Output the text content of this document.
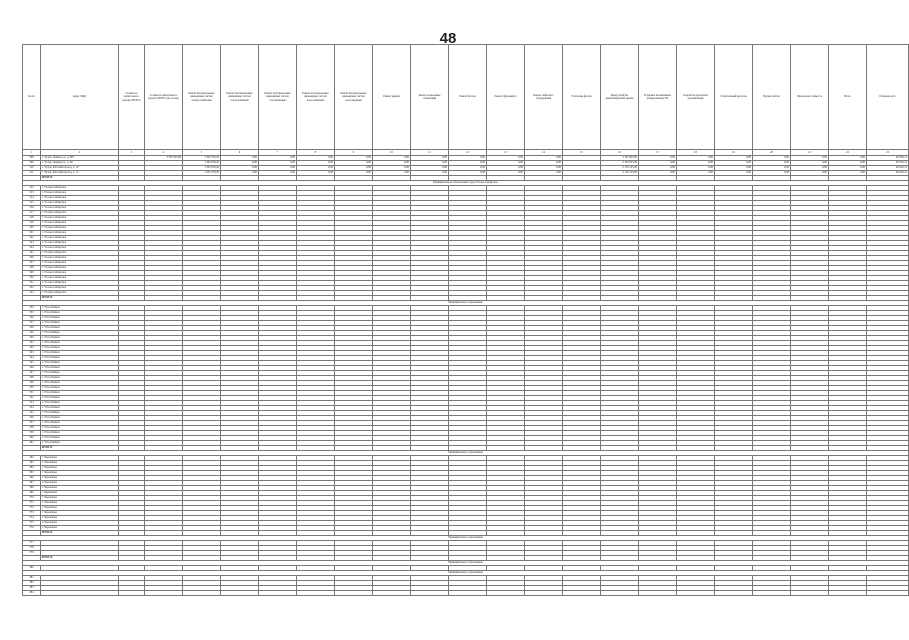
48
№ п/п	Адрес МКД	Стоимость капитального ремонта ВСЕГО	Стоимость капитального ремонта ВСЕГО (по лотам)	Ремонт внутридомовых инженерных систем электроснабжения	Ремонт внутридомовых инженерных систем теплоснабжения	Ремонт внутридомовых инженерных систем газоснабжения	Ремонт внутридомовых инженерных систем водоснабжения	Ремонт внутридомовых инженерных систем водоотведения	Ремонт крыши	Ремонт подвальных помещений	Ремонт фасада	Ремонт фундамента	Ремонт лифтового оборудования	Утепление фасада	Переустройство невентилируемой крыши	Установка коллективных (общедомовых) ПУ	Разработка проектной документации	Строительный контроль	Прочие работы	Предельная стоимость	Итого	Плановая дата
1	2	3	4	5	6	7	8	9	10	11	12	13	14	15	16	17	18	19	20	21	22	23
308	г. Тулун, Ленина ул., д. 807		3 765 325,06	1 302 375,20	0,00	0,00	0,00	0,00	0,00	0,00	0,00	0,00	0,00		2 163 825,00	0,00	0,00	0,00	0,00	0,00	0,00	40 650,12
309	г. Тулун, Ленина ул., д. 60			1 302 870,20	0,00	0,00	0,00	0,00	0,00	0,00	0,00	0,00	0,00		2 163 825,00	0,00	0,00	0,00	0,00	0,00	0,00	40 650,12
310	г. Тулун, Рабочий проезд, д. 12			1 302 870,20	0,00	0,00	0,00	0,00	0,00	0,00	0,00	0,00	0,00		2 176 125,00	0,00	0,00	0,00	0,00	0,00	0,00	40 650,12
311	г. Тулун, Рабочий проезд, д. 13			1 305 078,20	0,00	0,00	0,00	0,00	0,00	0,00	0,00	0,00	0,00		2 176 125,00	0,00	0,00	0,00	0,00	0,00	0,00	40 650,12
	ИТОГО:																					
Муниципальное образование город Усолье-Сибирское																						
312	г. Усолье-Сибирское																					
313	г. Усолье-Сибирское																					
314	г. Усолье-Сибирское																					
315	г. Усолье-Сибирское																					
316	г. Усолье-Сибирское																					
317	г. Усолье-Сибирское																					
318	г. Усолье-Сибирское																					
319	г. Усолье-Сибирское																					
320	г. Усолье-Сибирское																					
321	г. Усолье-Сибирское																					
322	г. Усолье-Сибирское																					
323	г. Усолье-Сибирское																					
324	г. Усолье-Сибирское																					
325	г. Усолье-Сибирское																					
326	г. Усолье-Сибирское																					
327	г. Усолье-Сибирское																					
328	г. Усолье-Сибирское																					
329	г. Усолье-Сибирское																					
330	г. Усолье-Сибирское																					
331	г. Усолье-Сибирское																					
332	г. Усолье-Сибирское																					
333	г. Усолье-Сибирское																					
	ИТОГО:																					
Муниципальное образование																						
334	г. Усть-Илимск																					
335	г. Усть-Илимск																					
336	г. Усть-Илимск																					
337	г. Усть-Илимск																					
338	г. Усть-Илимск																					
339	г. Усть-Илимск																					
340	г. Усть-Илимск																					
341	г. Усть-Илимск																					
342	г. Усть-Илимск																					
343	г. Усть-Илимск																					
344	г. Усть-Илимск																					
345	г. Усть-Илимск																					
346	г. Усть-Илимск																					
347	г. Усть-Илимск																					
348	г. Усть-Илимск																					
349	г. Усть-Илимск																					
350	г. Усть-Илимск																					
351	г. Усть-Илимск																					
352	г. Усть-Илимск																					
353	г. Усть-Илимск																					
354	г. Усть-Илимск																					
355	г. Усть-Илимск																					
356	г. Усть-Илимск																					
357	г. Усть-Илимск																					
358	г. Усть-Илимск																					
359	г. Усть-Илимск																					
360	г. Усть-Илимск																					
361	г. Усть-Илимск																					
	ИТОГО:																					
Муниципальное образование																						
362	г. Черемхово																					
363	г. Черемхово																					
364	г. Черемхово																					
365	г. Черемхово																					
366	г. Черемхово																					
367	г. Черемхово																					
368	г. Черемхово																					
369	г. Черемхово																					
370	г. Черемхово																					
371	г. Черемхово																					
372	г. Черемхово																					
373	г. Черемхово																					
374	г. Черемхово																					
375	г. Черемхово																					
376	г. Черемхово																					
	ИТОГО:																					
Муниципальное образование																						
377																						
378																						
379																						
	ИТОГО:																					
Муниципальное образование																						
380																						
Муниципальное образование																						
381																						
382																						
383																						
384																						
